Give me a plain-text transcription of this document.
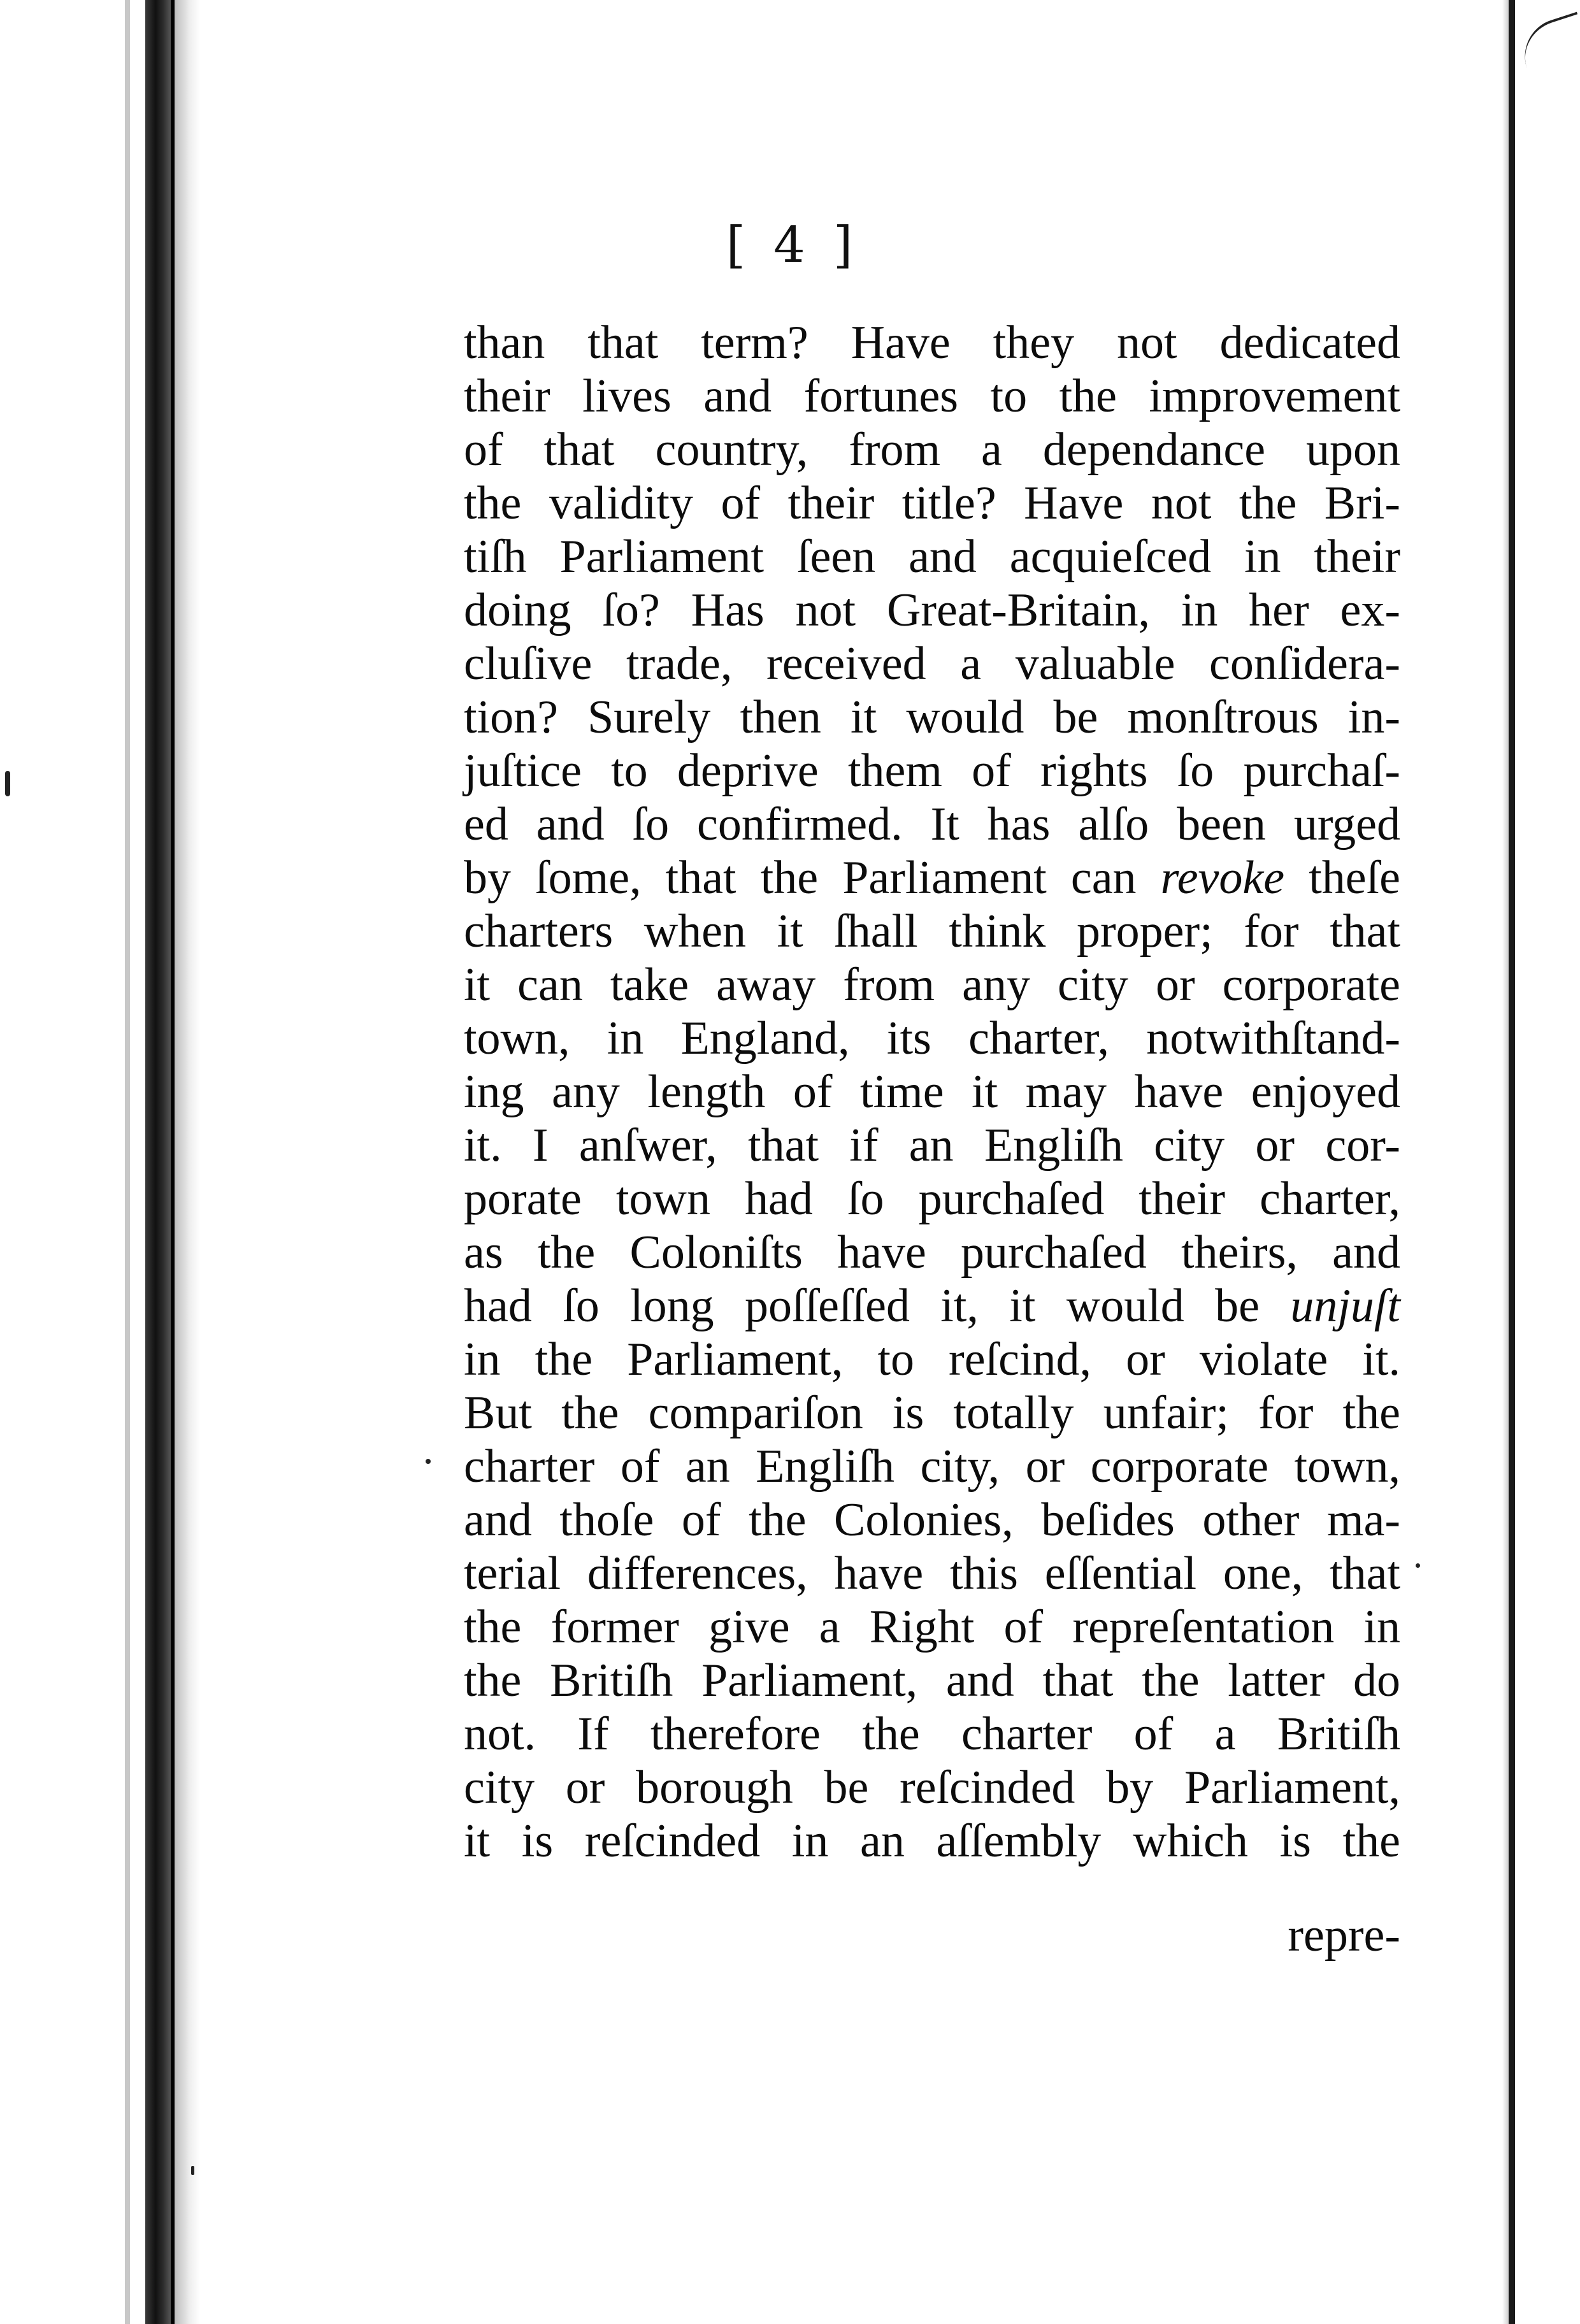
[ 4 ]
than that term? Have they not dedicated
their lives and fortunes to the improvement
of that country, from a dependance upon
the validity of their title? Have not the Bri-
tiſh Parliament ſeen and acquieſced in their
doing ſo? Has not Great-Britain, in her ex-
cluſive trade, received a valuable conſidera-
tion? Surely then it would be monſtrous in-
juſtice to deprive them of rights ſo purchaſ-
ed and ſo confirmed. It has alſo been urged
by ſome, that the Parliament can revoke theſe
charters when it ſhall think proper; for that
it can take away from any city or corporate
town, in England, its charter, notwithſtand-
ing any length of time it may have enjoyed
it. I anſwer, that if an Engliſh city or cor-
porate town had ſo purchaſed their charter,
as the Coloniſts have purchaſed theirs, and
had ſo long poſſeſſed it, it would be unjuſt
in the Parliament, to reſcind, or violate it.
But the compariſon is totally unfair; for the
charter of an Engliſh city, or corporate town,
and thoſe of the Colonies, beſides other ma-
terial differences, have this eſſential one, that
the former give a Right of repreſentation in
the Britiſh Parliament, and that the latter do
not. If therefore the charter of a Britiſh
city or borough be reſcinded by Parliament,
it is reſcinded in an aſſembly which is the
repre-
